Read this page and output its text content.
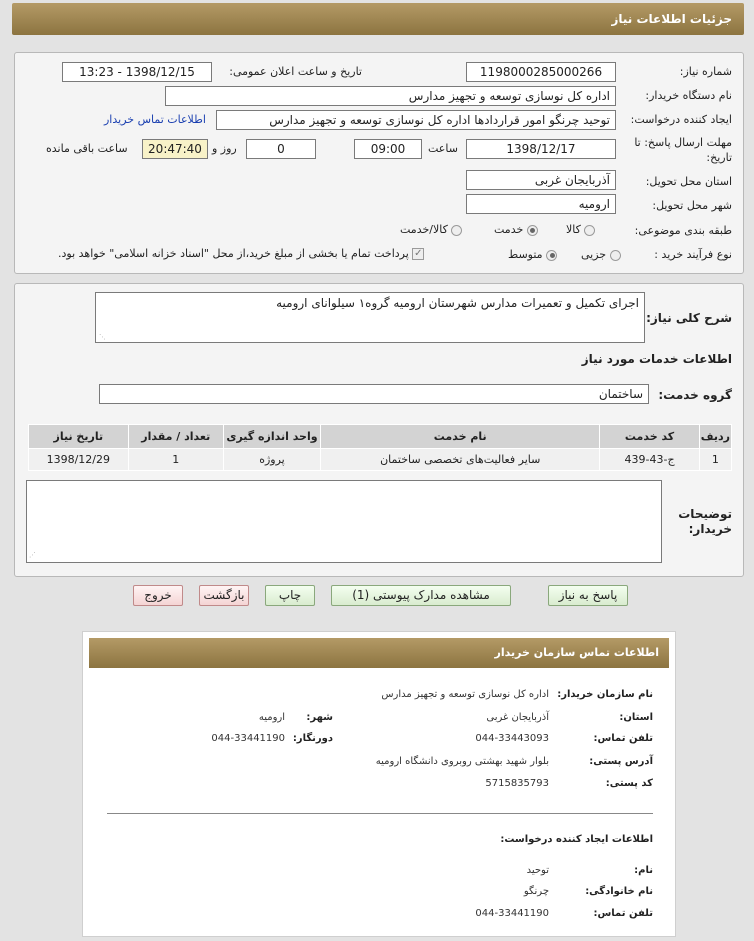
جزئیات اطلاعات نیاز
شماره نیاز:
1198000285000266
تاریخ و ساعت اعلان عمومی:
1398/12/15 - 13:23
نام دستگاه خریدار:
اداره کل نوسازی توسعه و تجهیز مدارس
ایجاد کننده درخواست:
توحید چرنگو امور قراردادها اداره کل نوسازی توسعه و تجهیز مدارس
اطلاعات تماس خریدار
مهلت ارسال پاسخ: تا
تاریخ:
1398/12/17
ساعت
09:00
0
روز و
20:47:40
ساعت باقی مانده
استان محل تحویل:
آذربایجان غربی
شهر محل تحویل:
ارومیه
طبقه بندی موضوعی:
کالا
خدمت
کالا/خدمت
نوع فرآیند خرید :
جزیی
متوسط
✓ پرداخت تمام یا بخشی از مبلغ خرید،از محل "اسناد خزانه اسلامی" خواهد بود.
شرح کلی نیاز:
اجرای تکمیل و تعمیرات مدارس شهرستان ارومیه گروه۱ سیلوانای ارومیه
⋰
اطلاعات خدمات مورد نیاز
گروه خدمت:
ساختمان
ردیف	کد خدمت	نام خدمت	واحد اندازه گیری	تعداد / مقدار	تاریخ نیاز
1	ج-43-439	سایر فعالیت‌های تخصصی ساختمان	پروژه	1	1398/12/29
توضیحات
خریدار:
⋰
پاسخ به نیاز
مشاهده مدارک پیوستی (1)
چاپ
بازگشت
خروج
اطلاعات تماس سازمان خریدار
نام سازمان خریدار:
اداره کل نوسازی توسعه و تجهیز مدارس
استان:
آذربایجان غربی
شهر:
ارومیه
تلفن تماس:
044-33443093
دورنگار:
044-33441190
آدرس پستی:
بلوار شهید بهشتی روبروی دانشگاه ارومیه
کد پستی:
5715835793
اطلاعات ایجاد کننده درخواست:
نام:
توحید
نام خانوادگی:
چرنگو
تلفن تماس:
044-33441190
